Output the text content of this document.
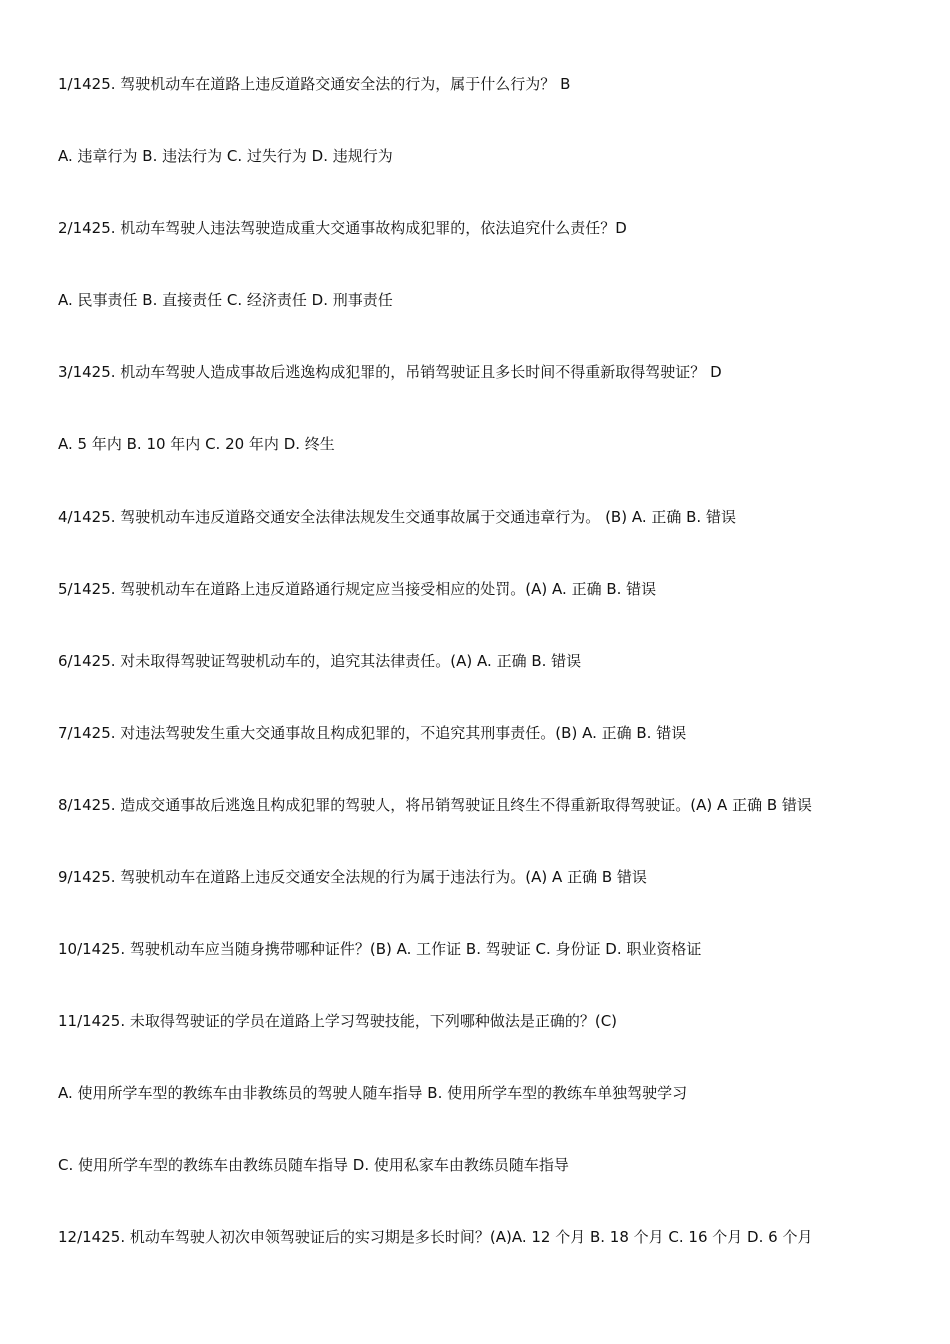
1/1425. 驾驶机动车在道路上违反道路交通安全法的行为，属于什么行为？ B
A. 违章行为 B. 违法行为 C. 过失行为 D. 违规行为
2/1425. 机动车驾驶人违法驾驶造成重大交通事故构成犯罪的，依法追究什么责任？D
A. 民事责任 B. 直接责任 C. 经济责任 D. 刑事责任
3/1425. 机动车驾驶人造成事故后逃逸构成犯罪的，吊销驾驶证且多长时间不得重新取得驾驶证？ D
A. 5 年内 B. 10 年内 C. 20 年内 D. 终生
4/1425. 驾驶机动车违反道路交通安全法律法规发生交通事故属于交通违章行为。 (B) A. 正确 B. 错误
5/1425. 驾驶机动车在道路上违反道路通行规定应当接受相应的处罚。(A) A. 正确 B. 错误
6/1425. 对未取得驾驶证驾驶机动车的，追究其法律责任。(A) A. 正确 B. 错误
7/1425. 对违法驾驶发生重大交通事故且构成犯罪的，不追究其刑事责任。(B) A. 正确 B. 错误
8/1425. 造成交通事故后逃逸且构成犯罪的驾驶人，将吊销驾驶证且终生不得重新取得驾驶证。(A) A 正确 B 错误
9/1425. 驾驶机动车在道路上违反交通安全法规的行为属于违法行为。(A) A 正确 B 错误
10/1425. 驾驶机动车应当随身携带哪种证件？(B) A. 工作证 B. 驾驶证 C. 身份证 D. 职业资格证
11/1425. 未取得驾驶证的学员在道路上学习驾驶技能，下列哪种做法是正确的？(C)
A. 使用所学车型的教练车由非教练员的驾驶人随车指导 B. 使用所学车型的教练车单独驾驶学习
C. 使用所学车型的教练车由教练员随车指导 D. 使用私家车由教练员随车指导
12/1425. 机动车驾驶人初次申领驾驶证后的实习期是多长时间？(A)A. 12 个月 B. 18 个月 C. 16 个月 D. 6 个月
